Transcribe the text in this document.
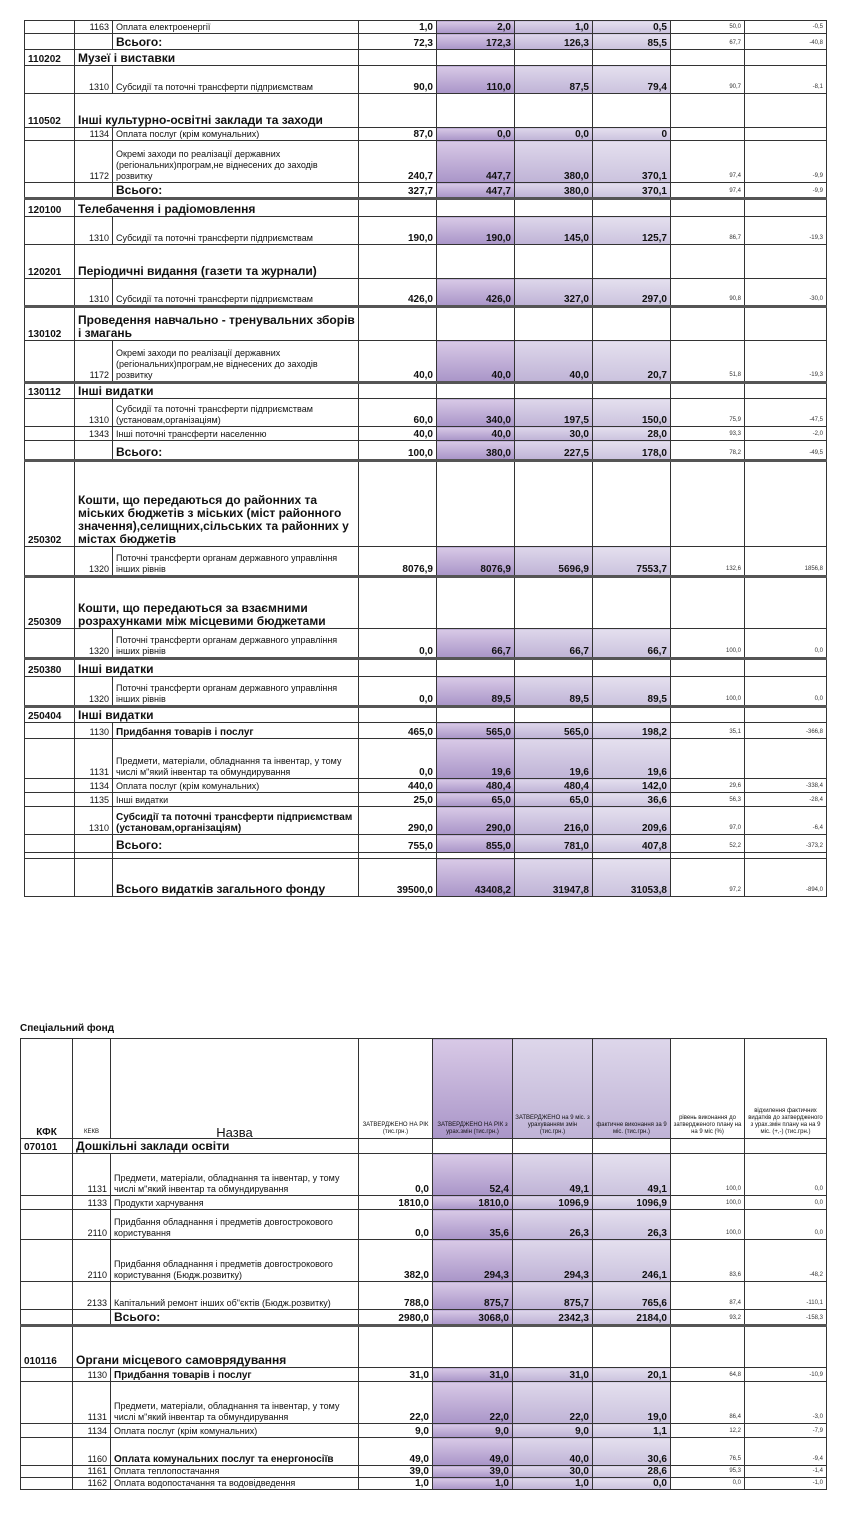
	1163	Оплата електроенергії	1,0	2,0	1,0	0,5	50,0	-0,5
		Всього:	72,3	172,3	126,3	85,5	67,7	-40,8
110202	Музеї і виставки							
	1310	Субсидії та поточні трансферти підприємствам	90,0	110,0	87,5	79,4	90,7	-8,1
110502	Інші культурно-освітні заклади та заходи							
	1134	Оплата послуг (крім комунальних)	87,0	0,0	0,0	0		
	1172	Окремі заходи по реалізації державних (регіональних)програм,не віднесених до заходів розвитку	240,7	447,7	380,0	370,1	97,4	-9,9
		Всього:	327,7	447,7	380,0	370,1	97,4	-9,9
120100	Телебачення і радіомовлення							
	1310	Субсидії та поточні трансферти підприємствам	190,0	190,0	145,0	125,7	86,7	-19,3
120201	Періодичні видання (газети та журнали)							
	1310	Субсидії та поточні трансферти підприємствам	426,0	426,0	327,0	297,0	90,8	-30,0
130102	Проведення навчально - тренувальних зборів і змагань							
	1172	Окремі заходи по реалізації державних (регіональних)програм,не віднесених до заходів розвитку	40,0	40,0	40,0	20,7	51,8	-19,3
130112	Інші видатки							
	1310	Субсидії та поточні трансферти підприємствам (установам,організаціям)	60,0	340,0	197,5	150,0	75,9	-47,5
	1343	Інші поточні трансферти населенню	40,0	40,0	30,0	28,0	93,3	-2,0
		Всього:	100,0	380,0	227,5	178,0	78,2	-49,5
250302	Кошти, що передаються до районних та міських бюджетів з міських (міст районного значення),селищних,сільських та районних у містах бюджетів							
	1320	Поточні трансферти органам державного управління інших рівнів	8076,9	8076,9	5696,9	7553,7	132,6	1856,8
250309	Кошти, що передаються за взаємними розрахунками між місцевими бюджетами							
	1320	Поточні трансферти органам державного управління інших рівнів	0,0	66,7	66,7	66,7	100,0	0,0
250380	Інші видатки							
	1320	Поточні трансферти органам державного управління інших рівнів	0,0	89,5	89,5	89,5	100,0	0,0
250404	Інші видатки							
	1130	Придбання товарів і послуг	465,0	565,0	565,0	198,2	35,1	-366,8
	1131	Предмети, матеріали, обладнання та інвентар, у тому числі м"який інвентар та обмундирування	0,0	19,6	19,6	19,6		
	1134	Оплата послуг (крім комунальних)	440,0	480,4	480,4	142,0	29,6	-338,4
	1135	Інші видатки	25,0	65,0	65,0	36,6	56,3	-28,4
	1310	Субсидії та поточні трансферти підприємствам (установам,організаціям)	290,0	290,0	216,0	209,6	97,0	-6,4
		Всього:	755,0	855,0	781,0	407,8	52,2	-373,2

		Всього видатків загального фонду	39500,0	43408,2	31947,8	31053,8	97,2	-894,0
Спеціальний фонд
КФК	КЕКВ	Назва	ЗАТВЕРДЖЕНО НА РІК (тис.грн.)	ЗАТВЕРДЖЕНО НА РІК з урах.змін (тис.грн.)	ЗАТВЕРДЖЕНО на 9 міс. з урахуванням змін (тис.грн.)	фактичне виконання за 9 міс. (тис.грн.)	рівень виконання до затвердженого плану на на 9 міс (%)	відхилення фактичних видатків до затвердженого з урах.змін плану на на 9 міс. (+,-) (тис.грн.)
070101	Дошкільні заклади освіти							
	1131	Предмети, матеріали, обладнання та інвентар, у тому числі м"який інвентар та обмундирування	0,0	52,4	49,1	49,1	100,0	0,0
	1133	Продукти харчування	1810,0	1810,0	1096,9	1096,9	100,0	0,0
	2110	Придбання обладнання і предметів довгострокового користування	0,0	35,6	26,3	26,3	100,0	0,0
	2110	Придбання обладнання і предметів довгострокового користування (Бюдж.розвитку)	382,0	294,3	294,3	246,1	83,6	-48,2
	2133	Капітальний ремонт інших об"єктів (Бюдж.розвитку)	788,0	875,7	875,7	765,6	87,4	-110,1
		Всього:	2980,0	3068,0	2342,3	2184,0	93,2	-158,3
010116	Органи місцевого самоврядування							
	1130	Придбання товарів і послуг	31,0	31,0	31,0	20,1	64,8	-10,9
	1131	Предмети, матеріали, обладнання та інвентар, у тому числі м"який інвентар та обмундирування	22,0	22,0	22,0	19,0	86,4	-3,0
	1134	Оплата послуг (крім комунальних)	9,0	9,0	9,0	1,1	12,2	-7,9
	1160	Оплата комунальних послуг та енергоносіїв	49,0	49,0	40,0	30,6	76,5	-9,4
	1161	Оплата теплопостачання	39,0	39,0	30,0	28,6	95,3	-1,4
	1162	Оплата водопостачання та водовідведення	1,0	1,0	1,0	0,0	0,0	-1,0
